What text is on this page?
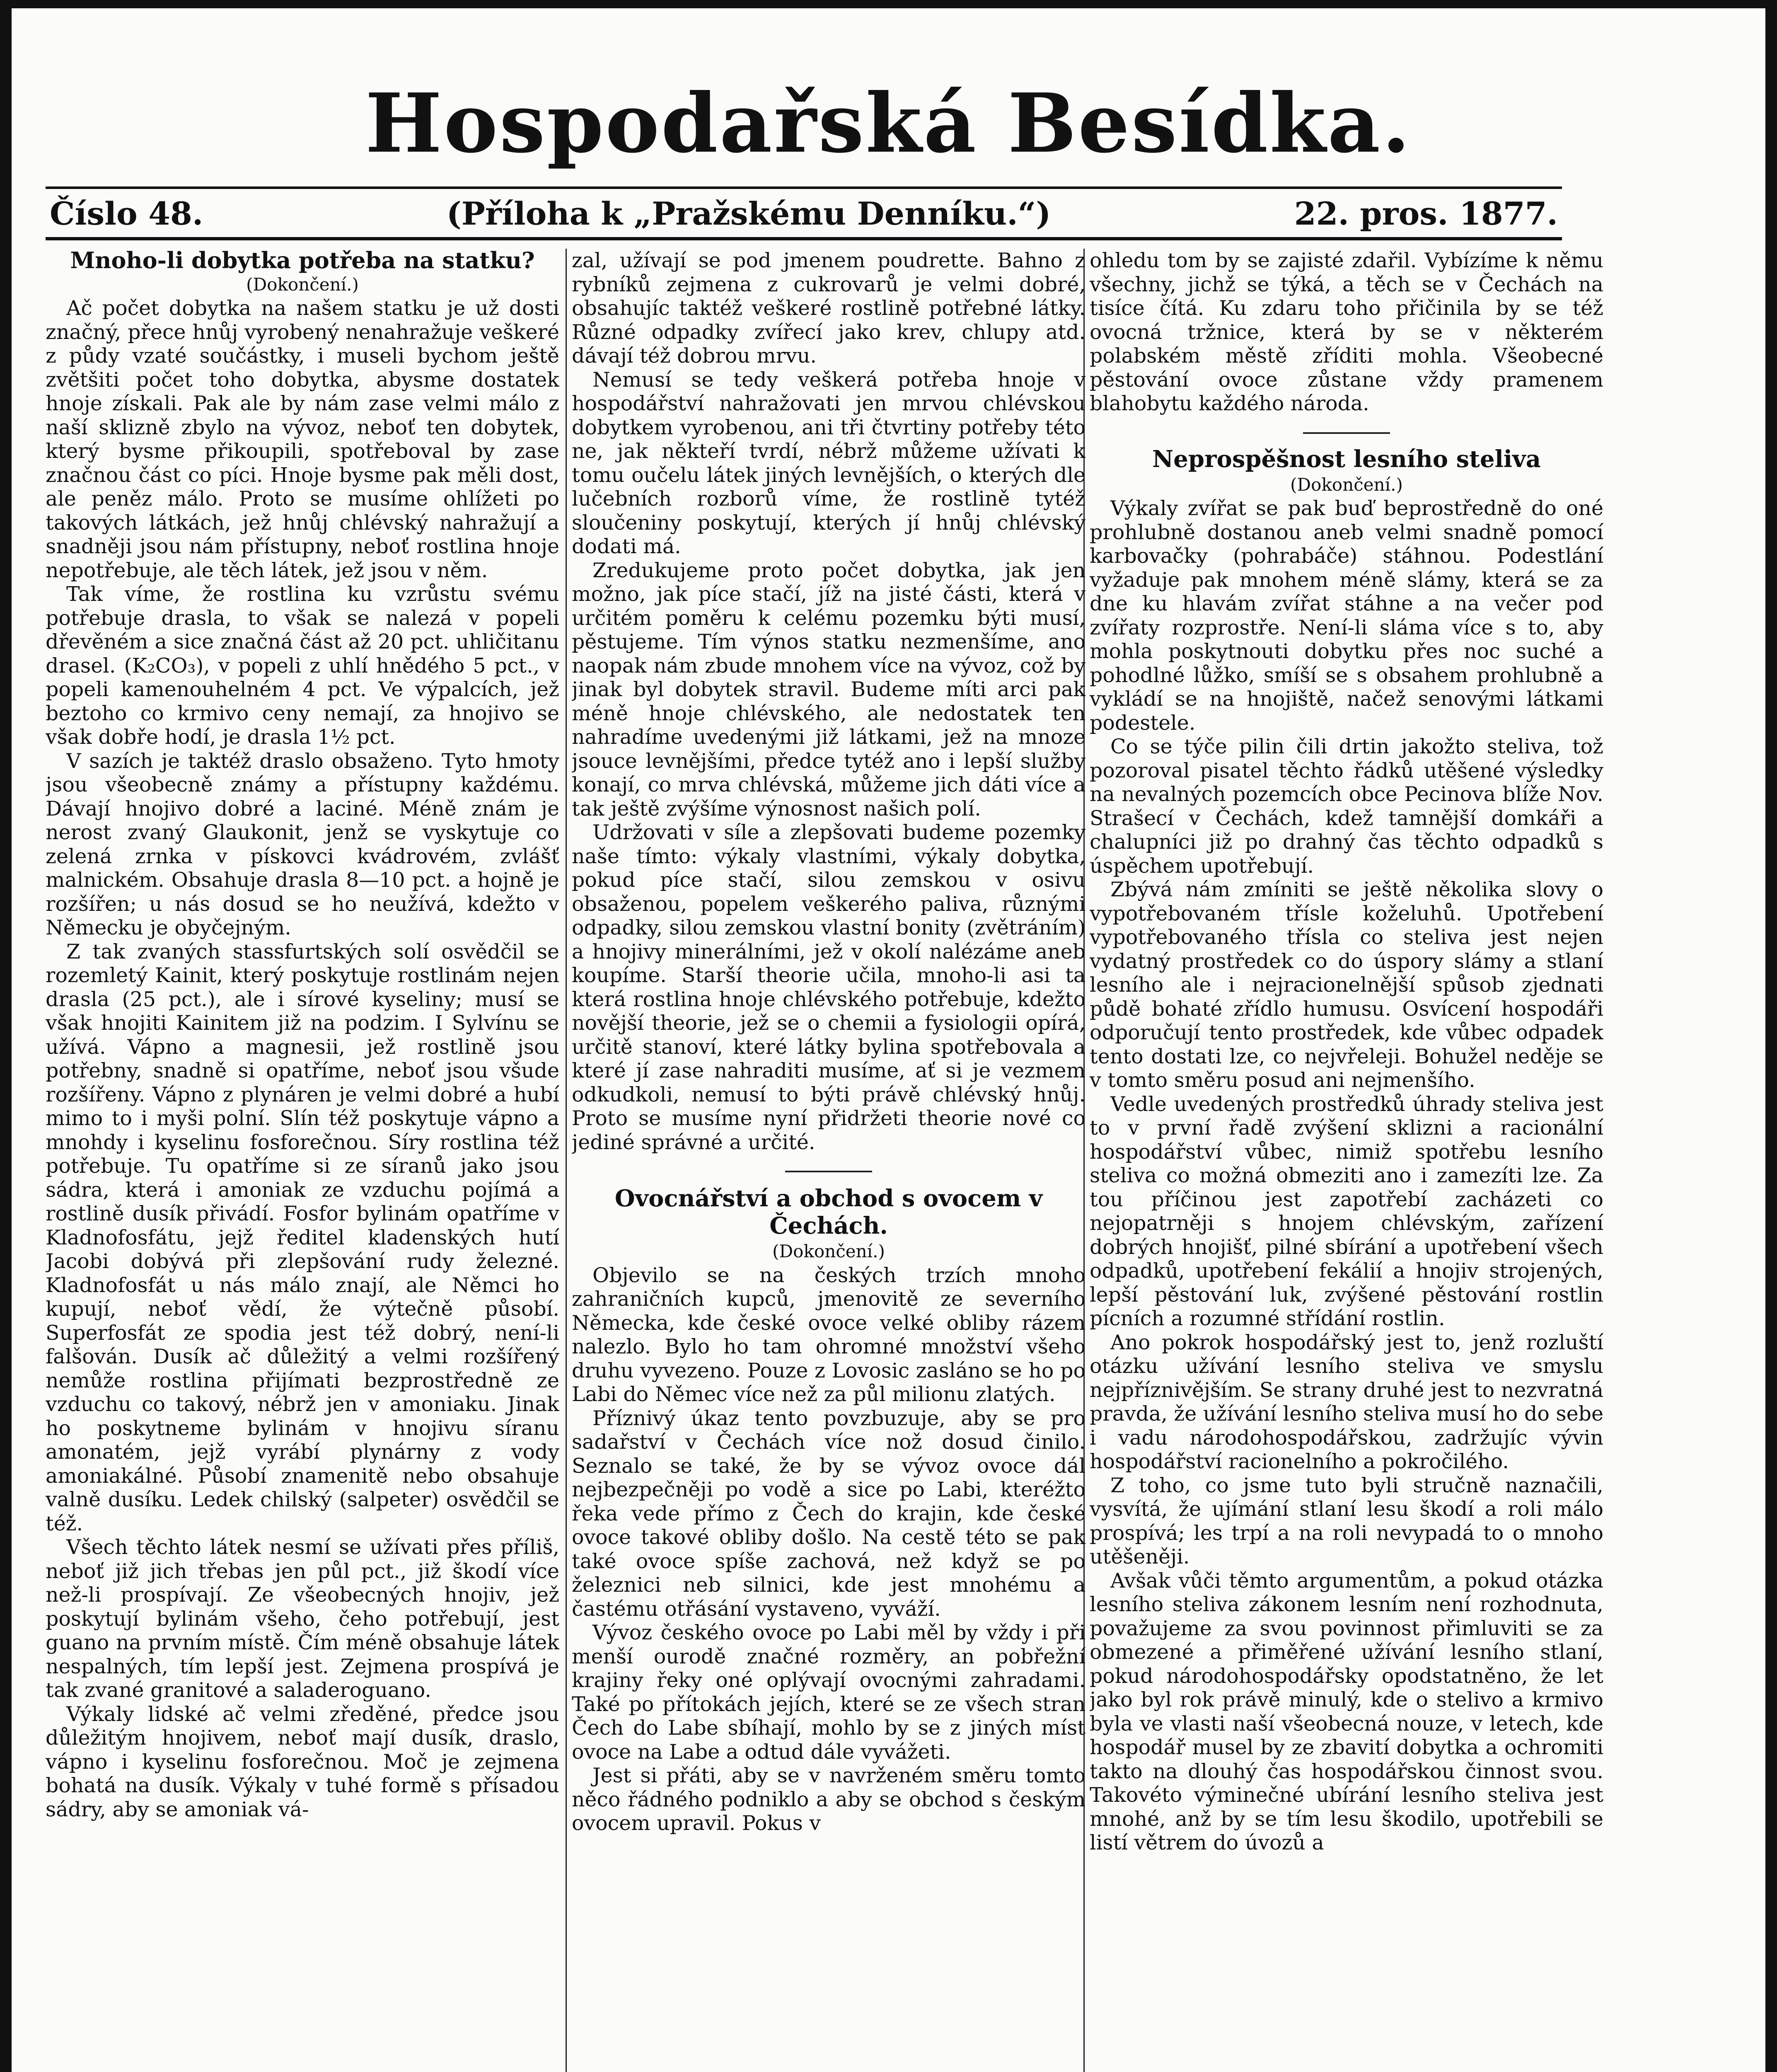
Hospodařská Besídka.
Číslo 48.	(Příloha k „Pražskému Denníku.“)	22. pros. 1877.

Mnoho-li dobytka potřeba na statku?

(Dokončení.)

Ač počet dobytka na našem statku je už dosti značný, přece hnůj vyrobený nenahražuje veškeré z půdy vzaté součástky, i museli bychom ještě zvětšiti počet toho dobytka, abysme dostatek hnoje získali. Pak ale by nám zase velmi málo z naší sklizně zbylo na vývoz, neboť ten dobytek, který bysme přikoupili, spotřeboval by zase značnou část co píci. Hnoje bysme pak měli dost, ale peněz málo. Proto se musíme ohlížeti po takových látkách, jež hnůj chlévský nahražují a snadněji jsou nám přístupny, neboť rostlina hnoje nepotřebuje, ale těch látek, jež jsou v něm.

Tak víme, že rostlina ku vzrůstu svému potřebuje drasla, to však se nalezá v popeli dřevěném a sice značná část až 20 pct. uhličitanu drasel. (K₂CO₃), v popeli z uhlí hnědého 5 pct., v popeli kamenouhelném 4 pct. Ve výpalcích, jež beztoho co krmivo ceny nemají, za hnojivo se však dobře hodí, je drasla 1½ pct.

V sazích je taktéž draslo obsaženo. Tyto hmoty jsou všeobecně známy a přístupny každému. Dávají hnojivo dobré a laciné. Méně znám je nerost zvaný Glaukonit, jenž se vyskytuje co zelená zrnka v pískovci kvádrovém, zvlášť malnickém. Obsahuje drasla 8—10 pct. a hojně je rozšířen; u nás dosud se ho neužívá, kdežto v Německu je obyčejným.

Z tak zvaných stassfurtských solí osvědčil se rozemletý Kainit, který poskytuje rostlinám nejen drasla (25 pct.), ale i sírové kyseliny; musí se však hnojiti Kainitem již na podzim. I Sylvínu se užívá. Vápno a magnesii, jež rostlině jsou potřebny, snadně si opatříme, neboť jsou všude rozšířeny. Vápno z plynáren je velmi dobré a hubí mimo to i myši polní. Slín též poskytuje vápno a mnohdy i kyselinu fosforečnou. Síry rostlina též potřebuje. Tu opatříme si ze síranů jako jsou sádra, která i amoniak ze vzduchu pojímá a rostlině dusík přivádí. Fosfor bylinám opatříme v Kladnofosfátu, jejž ředitel kladenských hutí Jacobi dobývá při zlepšování rudy železné. Kladnofosfát u nás málo znají, ale Němci ho kupují, neboť vědí, že výtečně působí. Superfosfát ze spodia jest též dobrý, není-li falšován. Dusík ač důležitý a velmi rozšířený nemůže rostlina přijímati bezprostředně ze vzduchu co takový, nébrž jen v amoniaku. Jinak ho poskytneme bylinám v hnojivu síranu amonatém, jejž vyrábí plynárny z vody amoniakálné. Působí znamenitě nebo obsahuje valně dusíku. Ledek chilský (salpeter) osvědčil se též.

Všech těchto látek nesmí se užívati přes příliš, neboť již jich třebas jen půl pct., již škodí více než-li prospívají. Ze všeobecných hnojiv, jež poskytují bylinám všeho, čeho potřebují, jest guano na prvním místě. Čím méně obsahuje látek nespalných, tím lepší jest. Zejmena prospívá je tak zvané granitové a saladeroguano.

Výkaly lidské ač velmi zředěné, předce jsou důležitým hnojivem, neboť mají dusík, draslo, vápno i kyselinu fosforečnou. Moč je zejmena bohatá na dusík. Výkaly v tuhé formě s přísadou sádry, aby se amoniak vá-

zal, užívají se pod jmenem poudrette. Bahno z rybníků zejmena z cukrovarů je velmi dobré, obsahujíc taktéž veškeré rostlině potřebné látky. Různé odpadky zvířecí jako krev, chlupy atd. dávají též dobrou mrvu.

Nemusí se tedy veškerá potřeba hnoje v hospodářství nahražovati jen mrvou chlévskou dobytkem vyrobenou, ani tři čtvrtiny potřeby této ne, jak někteří tvrdí, nébrž můžeme užívati k tomu oučelu látek jiných levnějších, o kterých dle lučebních rozborů víme, že rostlině tytéž sloučeniny poskytují, kterých jí hnůj chlévský dodati má.

Zredukujeme proto počet dobytka, jak jen možno, jak píce stačí, jíž na jisté části, která v určitém poměru k celému pozemku býti musí, pěstujeme. Tím výnos statku nezmenšíme, ano naopak nám zbude mnohem více na vývoz, což by jinak byl dobytek stravil. Budeme míti arci pak méně hnoje chlévského, ale nedostatek ten nahradíme uvedenými již látkami, jež na mnoze jsouce levnějšími, předce tytéž ano i lepší služby konají, co mrva chlévská, můžeme jich dáti více a tak ještě zvýšíme výnosnost našich polí.

Udržovati v síle a zlepšovati budeme pozemky naše tímto: výkaly vlastními, výkaly dobytka, pokud píce stačí, silou zemskou v osivu obsaženou, popelem veškerého paliva, různými odpadky, silou zemskou vlastní bonity (zvětráním) a hnojivy minerálními, jež v okolí nalézáme aneb koupíme. Starší theorie učila, mnoho-li asi ta která rostlina hnoje chlévského potřebuje, kdežto novější theorie, jež se o chemii a fysiologii opírá, určitě stanoví, které látky bylina spotřebovala a které jí zase nahraditi musíme, ať si je vezmem odkudkoli, nemusí to býti právě chlévský hnůj. Proto se musíme nyní přidržeti theorie nové co jediné správné a určité.

Ovocnářství a obchod s ovocem v Čechách.

(Dokončení.)

Objevilo se na českých trzích mnoho zahraničních kupců, jmenovitě ze severního Německa, kde české ovoce velké obliby rázem nalezlo. Bylo ho tam ohromné množství všeho druhu vyvezeno. Pouze z Lovosic zasláno se ho po Labi do Němec více než za půl milionu zlatých.

Příznivý úkaz tento povzbuzuje, aby se pro sadařství v Čechách více nož dosud činilo. Seznalo se také, že by se vývoz ovoce dál nejbezpečněji po vodě a sice po Labi, kteréžto řeka vede přímo z Čech do krajin, kde české ovoce takové obliby došlo. Na cestě této se pak také ovoce spíše zachová, než když se po železnici neb silnici, kde jest mnohému a častému otřásání vystaveno, vyváží.

Vývoz českého ovoce po Labi měl by vždy i při menší ourodě značné rozměry, an pobřežní krajiny řeky oné oplývají ovocnými zahradami. Také po přítokách jejích, které se ze všech stran Čech do Labe sbíhají, mohlo by se z jiných míst ovoce na Labe a odtud dále vyvážeti.

Jest si přáti, aby se v navrženém směru tomto něco řádného podniklo a aby se obchod s českým ovocem upravil. Pokus v

ohledu tom by se zajisté zdařil. Vybízíme k němu všechny, jichž se týká, a těch se v Čechách na tisíce čítá. Ku zdaru toho přičinila by se též ovocná tržnice, která by se v některém polabském městě zříditi mohla. Všeobecné pěstování ovoce zůstane vždy pramenem blahobytu každého národa.

Neprospěšnost lesního steliva

(Dokončení.)

Výkaly zvířat se pak buď beprostředně do oné prohlubně dostanou aneb velmi snadně pomocí karbovačky (pohrabáče) stáhnou. Podestlání vyžaduje pak mnohem méně slámy, která se za dne ku hlavám zvířat stáhne a na večer pod zvířaty rozprostře. Není-li sláma více s to, aby mohla poskytnouti dobytku přes noc suché a pohodlné lůžko, smíší se s obsahem prohlubně a vykládí se na hnojiště, načež senovými látkami podestele.

Co se týče pilin čili drtin jakožto steliva, tož pozoroval pisatel těchto řádků utěšené výsledky na nevalných pozemcích obce Pecinova blíže Nov. Strašecí v Čechách, kdež tamnější domkáři a chalupníci již po drahný čas těchto odpadků s úspěchem upotřebují.

Zbývá nám zmíniti se ještě několika slovy o vypotřebovaném třísle koželuhů. Upotřebení vypotřebovaného třísla co steliva jest nejen vydatný prostředek co do úspory slámy a stlaní lesního ale i nejracionelnější spůsob zjednati půdě bohaté zřídlo humusu. Osvícení hospodáři odporučují tento prostředek, kde vůbec odpadek tento dostati lze, co nejvřeleji. Bohužel neděje se v tomto směru posud ani nejmenšího.

Vedle uvedených prostředků úhrady steliva jest to v první řadě zvýšení sklizni a racionální hospodářství vůbec, nimiž spotřebu lesního steliva co možná obmeziti ano i zamezíti lze. Za tou příčinou jest zapotřebí zacházeti co nejopatrněji s hnojem chlévským, zařízení dobrých hnojišť, pilné sbírání a upotřebení všech odpadků, upotřebení fekálií a hnojiv strojených, lepší pěstování luk, zvýšené pěstování rostlin pícních a rozumné střídání rostlin.

Ano pokrok hospodářský jest to, jenž rozluští otázku užívání lesního steliva ve smyslu nejpříznivějším. Se strany druhé jest to nezvratná pravda, že užívání lesního steliva musí ho do sebe i vadu národohospodářskou, zadržujíc vývin hospodářství racionelního a pokročilého.

Z toho, co jsme tuto byli stručně naznačili, vysvítá, že ujímání stlaní lesu škodí a roli málo prospívá; les trpí a na roli nevypadá to o mnoho utěšeněji.

Avšak vůči těmto argumentům, a pokud otázka lesního steliva zákonem lesním není rozhodnuta, považujeme za svou povinnost přimluviti se za obmezené a přiměřené užívání lesního stlaní, pokud národohospodářsky opodstatněno, že let jako byl rok právě minulý, kde o stelivo a krmivo byla ve vlasti naší všeobecná nouze, v letech, kde hospodář musel by ze zbavití dobytka a ochromiti takto na dlouhý čas hospodářskou činnost svou. Takovéto výminečné ubírání lesního steliva jest mnohé, anž by se tím lesu škodilo, upotřebili se listí větrem do úvozů a
